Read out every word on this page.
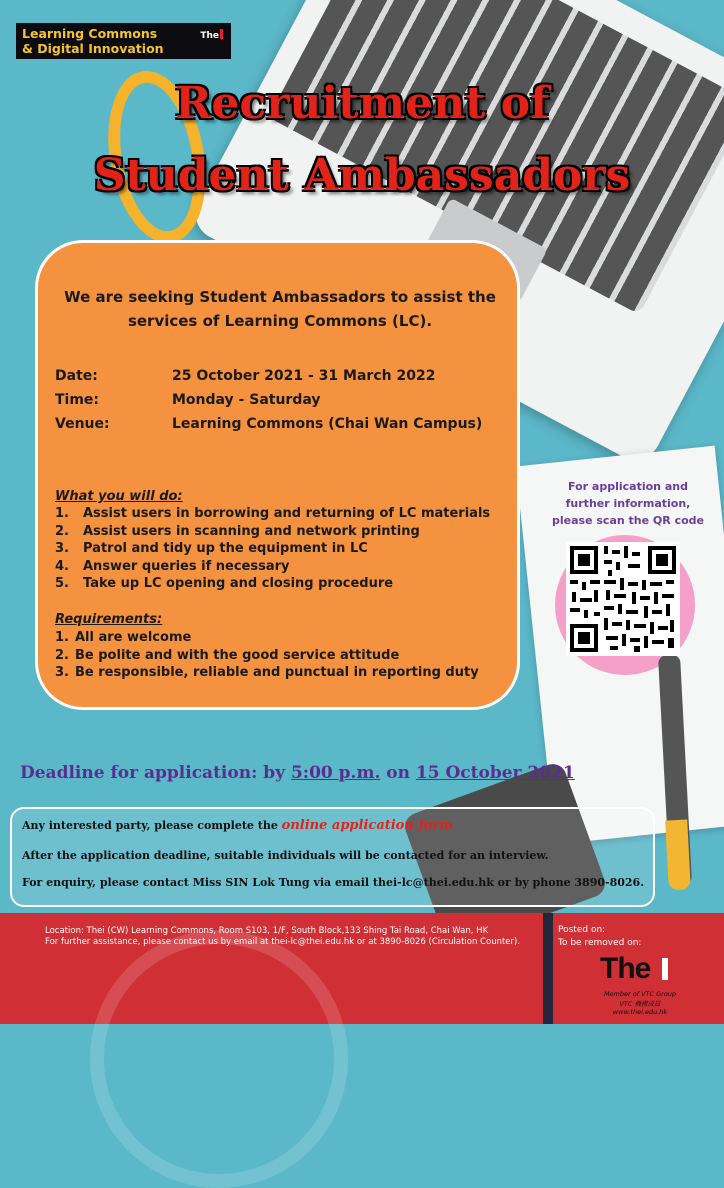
Learning Commons
& Digital Innovation
The
Recruitment of
Student Ambassadors
We are seeking Student Ambassadors to assist the services of Learning Commons (LC).
Date:	25 October 2021 - 31 March 2022
Time:	Monday - Saturday
Venue:	Learning Commons (Chai Wan Campus)
What you will do:
1.	Assist users in borrowing and returning of LC materials
2.	Assist users in scanning and network printing
3.	Patrol and tidy up the equipment in LC
4.	Answer queries if necessary
5.	Take up LC opening and closing procedure
Requirements:
1. All are welcome
2. Be polite and with the good service attitude
3. Be responsible, reliable and punctual in reporting duty
For application and
further information,
please scan the QR code
Deadline for application: by 5:00 p.m. on 15 October 2021
Any interested party, please complete the online application form
After the application deadline, suitable individuals will be contacted for an interview.
For enquiry, please contact Miss SIN Lok Tung via email thei-lc@thei.edu.hk or by phone 3890-8026.
Location: Thei (CW) Learning Commons, Room S103, 1/F, South Block,133 Shing Tai Road, Chai Wan, HK
For further assistance, please contact us by email at thei-lc@thei.edu.hk or at 3890-8026 (Circulation Counter).
Posted on:
To be removed on:
The
Member of VTC Group
VTC 機構成員
www.thei.edu.hk
